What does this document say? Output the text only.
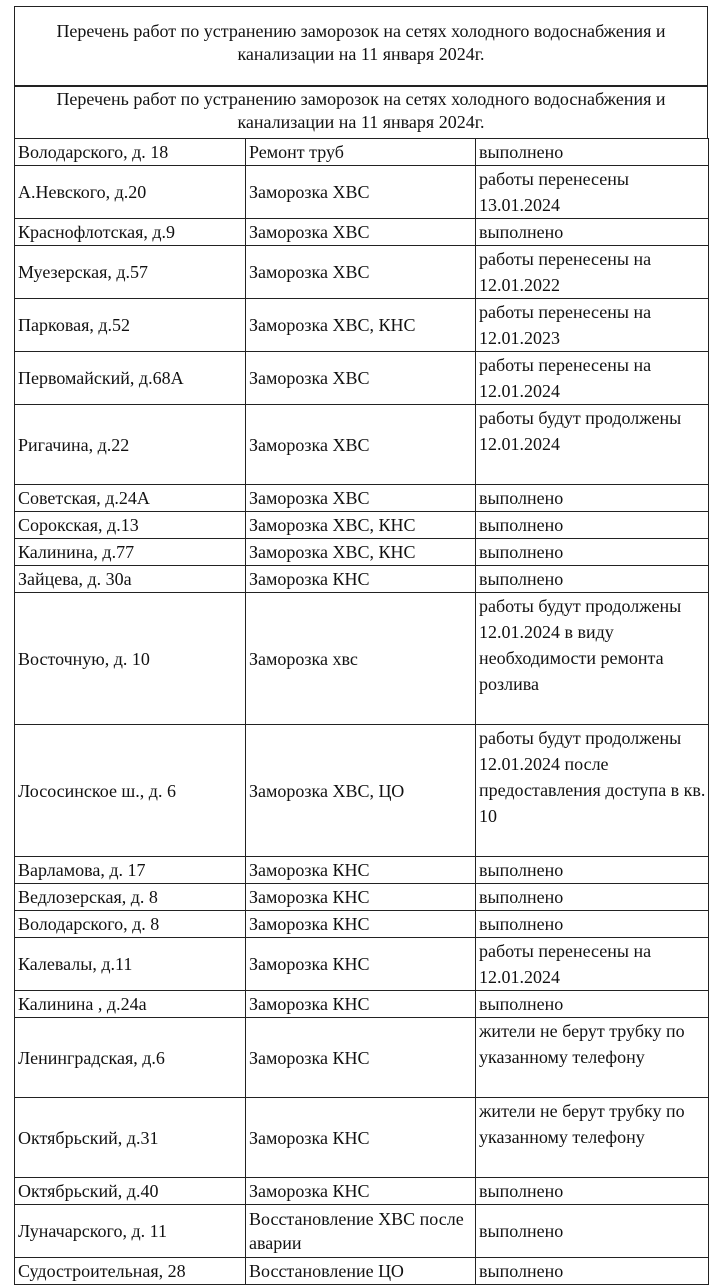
Перечень работ по устранению заморозок на сетях холодного водоснабжения и канализации на 11 января 2024г.
Перечень работ по устранению заморозок на сетях холодного водоснабжения и канализации на 11 января 2024г.
Володарского, д. 18	Ремонт труб	выполнено
А.Невского, д.20	Заморозка ХВС	работы перенесены 13.01.2024
Краснофлотская, д.9	Заморозка ХВС	выполнено
Муезерская, д.57	Заморозка ХВС	работы перенесены на 12.01.2022
Парковая, д.52	Заморозка ХВС, КНС	работы перенесены на 12.01.2023
Первомайский, д.68А	Заморозка ХВС	работы перенесены на 12.01.2024
Ригачина, д.22	Заморозка ХВС	работы будут продолжены 12.01.2024
Советская, д.24А	Заморозка ХВС	выполнено
Сорокская, д.13	Заморозка ХВС, КНС	выполнено
Калинина, д.77	Заморозка ХВС, КНС	выполнено
Зайцева, д. 30а	Заморозка КНС	выполнено
Восточную, д. 10	Заморозка хвс	работы будут продолжены 12.01.2024 в виду необходимости ремонта розлива
Лососинское ш., д. 6	Заморозка ХВС, ЦО	работы будут продолжены 12.01.2024 после предоставления доступа в кв. 10
Варламова, д. 17	Заморозка КНС	выполнено
Ведлозерская, д. 8	Заморозка КНС	выполнено
Володарского, д. 8	Заморозка КНС	выполнено
Калевалы, д.11	Заморозка КНС	работы перенесены на 12.01.2024
Калинина , д.24а	Заморозка КНС	выполнено
Ленинградская, д.6	Заморозка КНС	жители не берут трубку по указанному телефону
Октябрьский, д.31	Заморозка КНС	жители не берут трубку по указанному телефону
Октябрьский, д.40	Заморозка КНС	выполнено
Луначарского, д. 11	Восстановление ХВС после аварии	выполнено
Судостроительная, 28	Восстановление ЦО	выполнено
